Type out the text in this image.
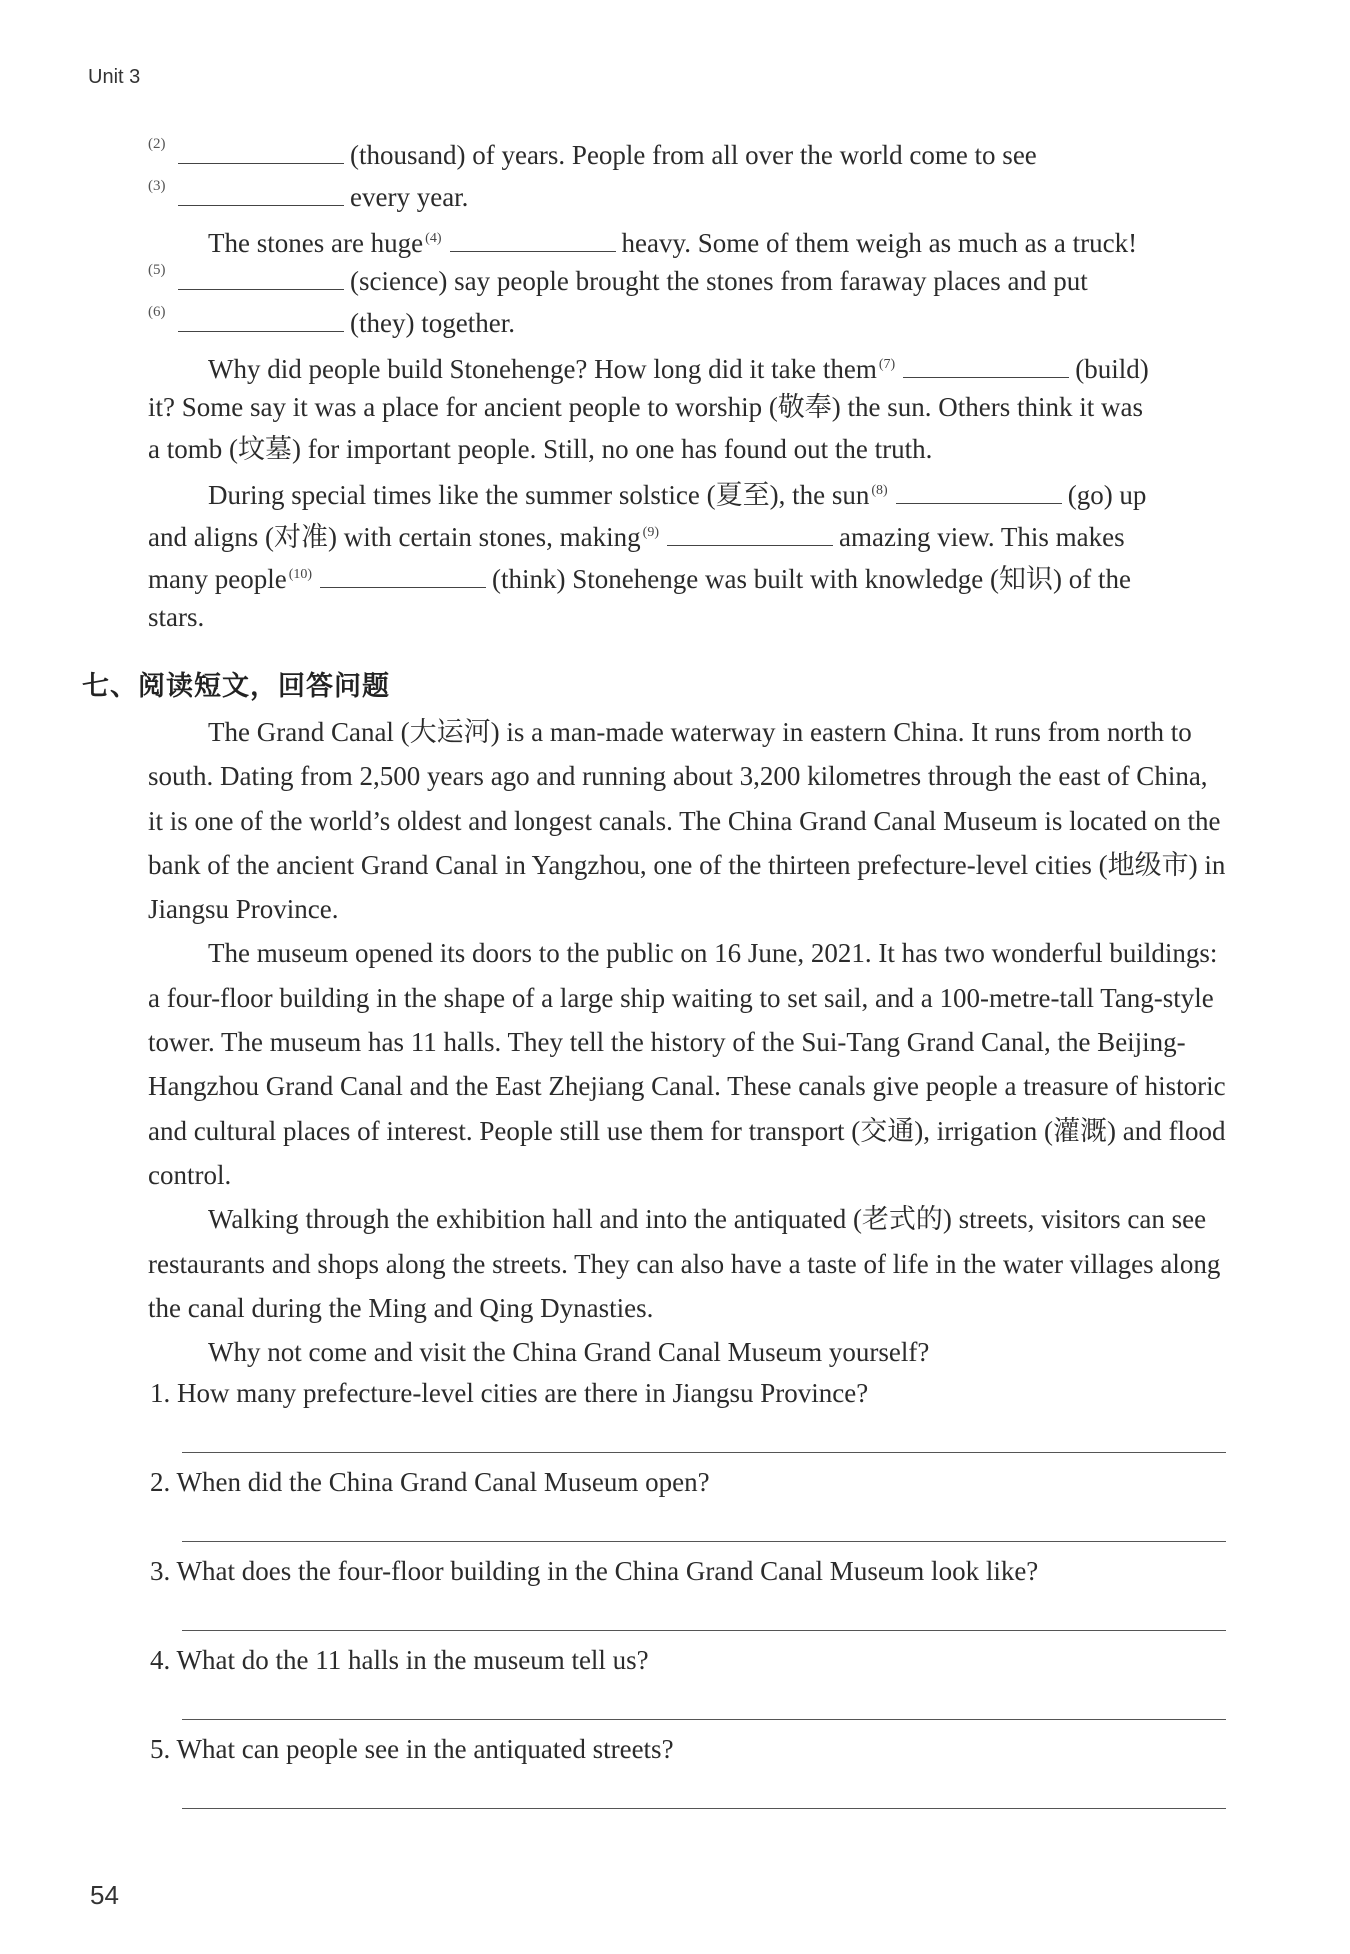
Unit 3
(2)	(thousand) of years. People from all over the world come to see
(3)	every year.
The stones are huge $^{(4)}$	heavy. Some of them weigh as much as a truck!
(5)	(science) say people brought the stones from faraway places and put
(6)	(they) together.
Why did people build Stonehenge? How long did it take them $^{(7)}$	(build)
it? Some say it was a place for ancient people to worship (敬奉) the sun. Others think it was
a tomb (坟墓) for important people. Still, no one has found out the truth.
During special times like the summer solstice (夏至), the sun $^{(8)}$	(go) up
and aligns (对准) with certain stones, making $^{(9)}$	amazing view. This makes
many people $^{(10)}$	(think) Stonehenge was built with knowledge (知识) of the
stars.
七、阅读短文，回答问题

The Grand Canal (大运河) is a man-made waterway in eastern China. It runs from north to south. Dating from 2,500 years ago and running about 3,200 kilometres through the east of China, it is one of the world’s oldest and longest canals. The China Grand Canal Museum is located on the bank of the ancient Grand Canal in Yangzhou, one of the thirteen prefecture-level cities (地级市) in Jiangsu Province.

The museum opened its doors to the public on 16 June, 2021. It has two wonderful buildings: a four-floor building in the shape of a large ship waiting to set sail, and a 100-metre-tall Tang-style tower. The museum has 11 halls. They tell the history of the Sui-Tang Grand Canal, the Beijing-Hangzhou Grand Canal and the East Zhejiang Canal. These canals give people a treasure of historic and cultural places of interest. People still use them for transport (交通), irrigation (灌溉) and flood control.

Walking through the exhibition hall and into the antiquated (老式的) streets, visitors can see restaurants and shops along the streets. They can also have a taste of life in the water villages along the canal during the Ming and Qing Dynasties.

Why not come and visit the China Grand Canal Museum yourself?

1. How many prefecture-level cities are there in Jiangsu Province?
2. When did the China Grand Canal Museum open?
3. What does the four-floor building in the China Grand Canal Museum look like?
4. What do the 11 halls in the museum tell us?
5. What can people see in the antiquated streets?
54
